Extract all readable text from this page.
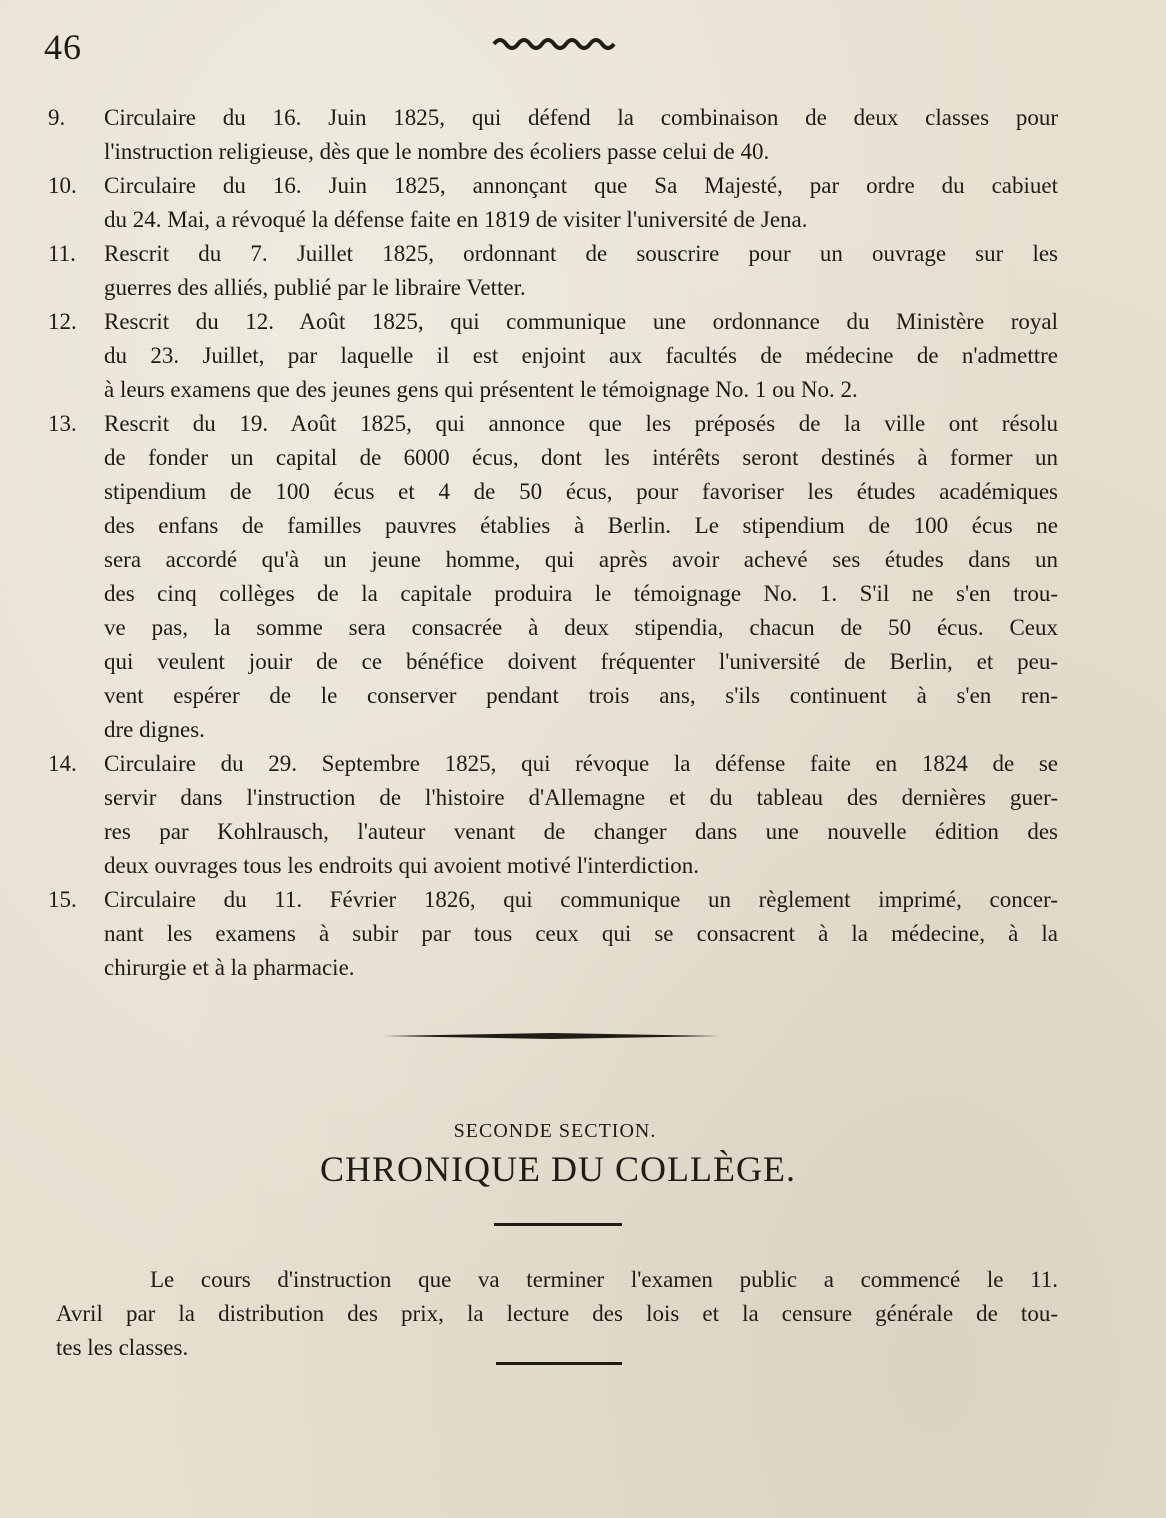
46
9. Circulaire du 16. Juin 1825, qui défend la combinaison de deux classes pour
l'instruction religieuse, dès que le nombre des écoliers passe celui de 40.
10. Circulaire du 16. Juin 1825, annonçant que Sa Majesté, par ordre du cabiuet
du 24. Mai, a révoqué la défense faite en 1819 de visiter l'université de Jena.
11. Rescrit du 7. Juillet 1825, ordonnant de souscrire pour un ouvrage sur les
guerres des alliés, publié par le libraire Vetter.
12. Rescrit du 12. Août 1825, qui communique une ordonnance du Ministère royal
du 23. Juillet, par laquelle il est enjoint aux facultés de médecine de n'admettre
à leurs examens que des jeunes gens qui présentent le témoignage No. 1 ou No. 2.
13. Rescrit du 19. Août 1825, qui annonce que les préposés de la ville ont résolu
de fonder un capital de 6000 écus, dont les intérêts seront destinés à former un
stipendium de 100 écus et 4 de 50 écus, pour favoriser les études académiques
des enfans de familles pauvres établies à Berlin. Le stipendium de 100 écus ne
sera accordé qu'à un jeune homme, qui après avoir achevé ses études dans un
des cinq collèges de la capitale produira le témoignage No. 1. S'il ne s'en trou-
ve pas, la somme sera consacrée à deux stipendia, chacun de 50 écus. Ceux
qui veulent jouir de ce bénéfice doivent fréquenter l'université de Berlin, et peu-
vent espérer de le conserver pendant trois ans, s'ils continuent à s'en ren-
dre dignes.
14. Circulaire du 29. Septembre 1825, qui révoque la défense faite en 1824 de se
servir dans l'instruction de l'histoire d'Allemagne et du tableau des dernières guer-
res par Kohlrausch, l'auteur venant de changer dans une nouvelle édition des
deux ouvrages tous les endroits qui avoient motivé l'interdiction.
15. Circulaire du 11. Février 1826, qui communique un règlement imprimé, concer-
nant les examens à subir par tous ceux qui se consacrent à la médecine, à la
chirurgie et à la pharmacie.
SECONDE SECTION.
CHRONIQUE DU COLLÈGE.
Le cours d'instruction que va terminer l'examen public a commencé le 11.
Avril par la distribution des prix, la lecture des lois et la censure générale de tou-
tes les classes.
